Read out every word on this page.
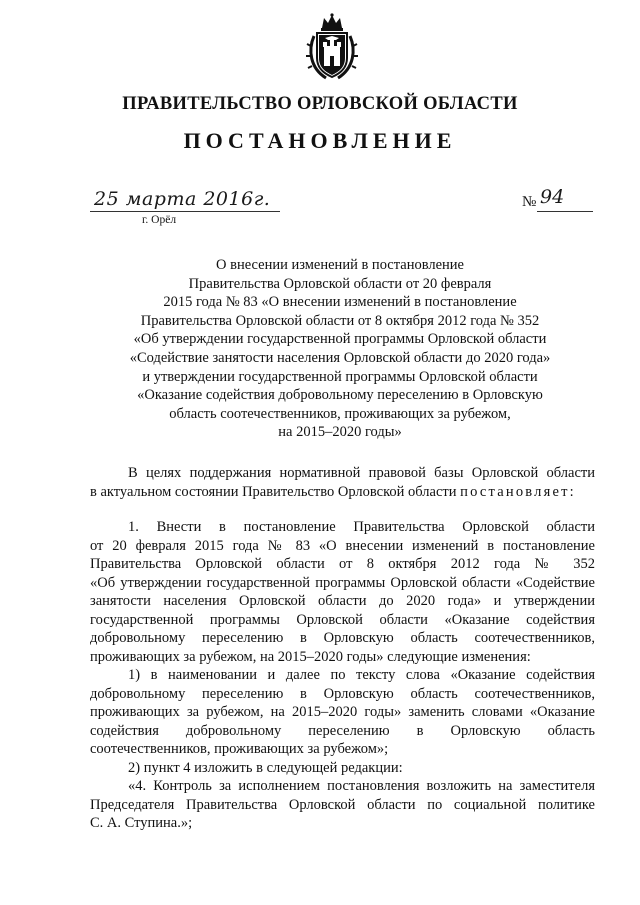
ПРАВИТЕЛЬСТВО ОРЛОВСКОЙ ОБЛАСТИ
ПОСТАНОВЛЕНИЕ
25 марта 2016г.	№ 94
г. Орёл
О внесении изменений в постановление
Правительства Орловской области от 20 февраля
2015 года № 83 «О внесении изменений в постановление
Правительства Орловской области от 8 октября 2012 года № 352
«Об утверждении государственной программы Орловской области
«Содействие занятости населения Орловской области до 2020 года»
и утверждении государственной программы Орловской области
«Оказание содействия добровольному переселению в Орловскую
область соотечественников, проживающих за рубежом,
на 2015–2020 годы»
В целях поддержания нормативной правовой базы Орловской области
в актуальном состоянии Правительство Орловской области постановляет:
1. Внести в постановление Правительства Орловской области
от 20 февраля 2015 года № 83 «О внесении изменений в постановление
Правительства Орловской области от 8 октября 2012 года № 352
«Об утверждении государственной программы Орловской области «Содействие
занятости населения Орловской области до 2020 года» и утверждении
государственной программы Орловской области «Оказание содействия
добровольному переселению в Орловскую область соотечественников,
проживающих за рубежом, на 2015–2020 годы» следующие изменения:
1) в наименовании и далее по тексту слова «Оказание содействия
добровольному переселению в Орловскую область соотечественников,
проживающих за рубежом, на 2015–2020 годы» заменить словами «Оказание
содействия добровольному переселению в Орловскую область
соотечественников, проживающих за рубежом»;
2) пункт 4 изложить в следующей редакции:
«4. Контроль за исполнением постановления возложить на заместителя
Председателя Правительства Орловской области по социальной политике
С. А. Ступина.»;
